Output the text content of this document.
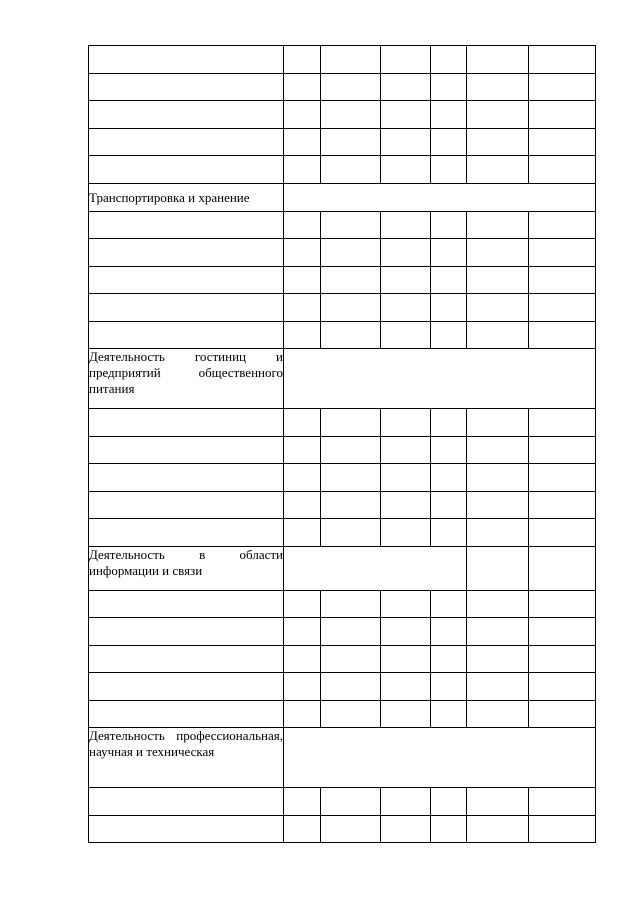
Транспортировка и хранение						

Деятельность гостиниц и предприятий общественного питания						

Деятельность в области информации и связи						

Деятельность профессиональная, научная и техническая						
